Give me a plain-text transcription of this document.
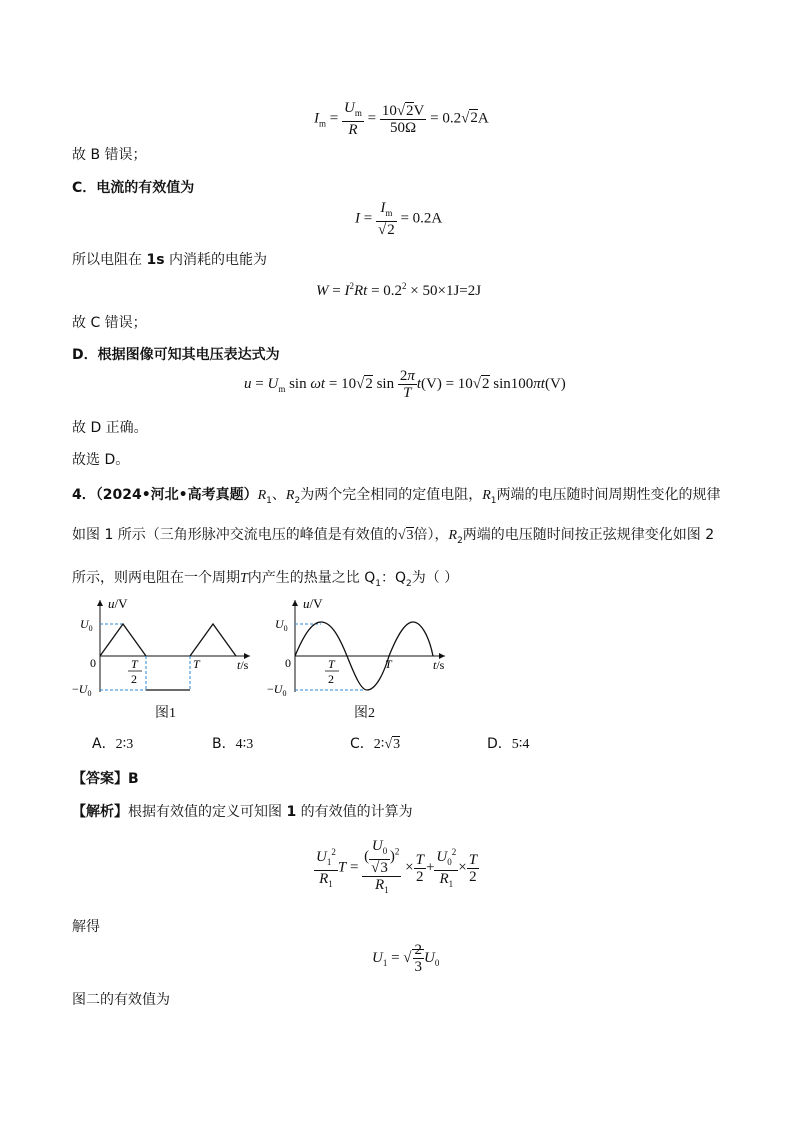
$I_m = \frac{U_m}{R} = \frac{10√2V}{50\Omega} = 0.2√2A$
故 B 错误；
C．电流的有效值为
$I = \frac{I_m}{√2} = 0.2A$
所以电阻在 1s 内消耗的电能为
$W = I^2Rt = 0.2^2 \times 50\times 1J=2J$
故 C 错误；
D．根据图像可知其电压表达式为
$u = U_m$ sin ωt = 10√2 $\sin \frac{2\pi}{T} t(V) = 10√2$ sin100πt(V)
故 D 正确。
故选 D。
4．（2024•河北•高考真题）$R_1$、$R_2$为两个完全相同的定值电阻，$R_1$两端的电压随时间周期性变化的规律
如图 1 所示（三角形脉冲交流电压的峰值是有效值的√3倍），$R_2$两端的电压随时间按正弦规律变化如图 2
所示，则两电阻在一个周期T内产生的热量之比 $Q_1$：$Q_2$为（ ）
u/V
$U_0$
$-U_0$
0	T
2
T	t/s
图1
u/V
$U_0$
$-U_0$
0	T
2
T	t/s
图2
A．2∶3	B．4∶3	C．2∶√3	D．5∶4
【答案】B
【解析】根据有效值的定义可知图 1 的有效值的计算为
$\frac{U_1^2}{R_1}$ $T = \frac{( \frac{U_0}{√3} )^2}{R_1} \times \frac{T}{2} + \frac{U_0^2}{R_1} \times \frac{T}{2}$
解得
$U_1$ = √ $\frac{2}{3} U_0$
图二的有效值为
